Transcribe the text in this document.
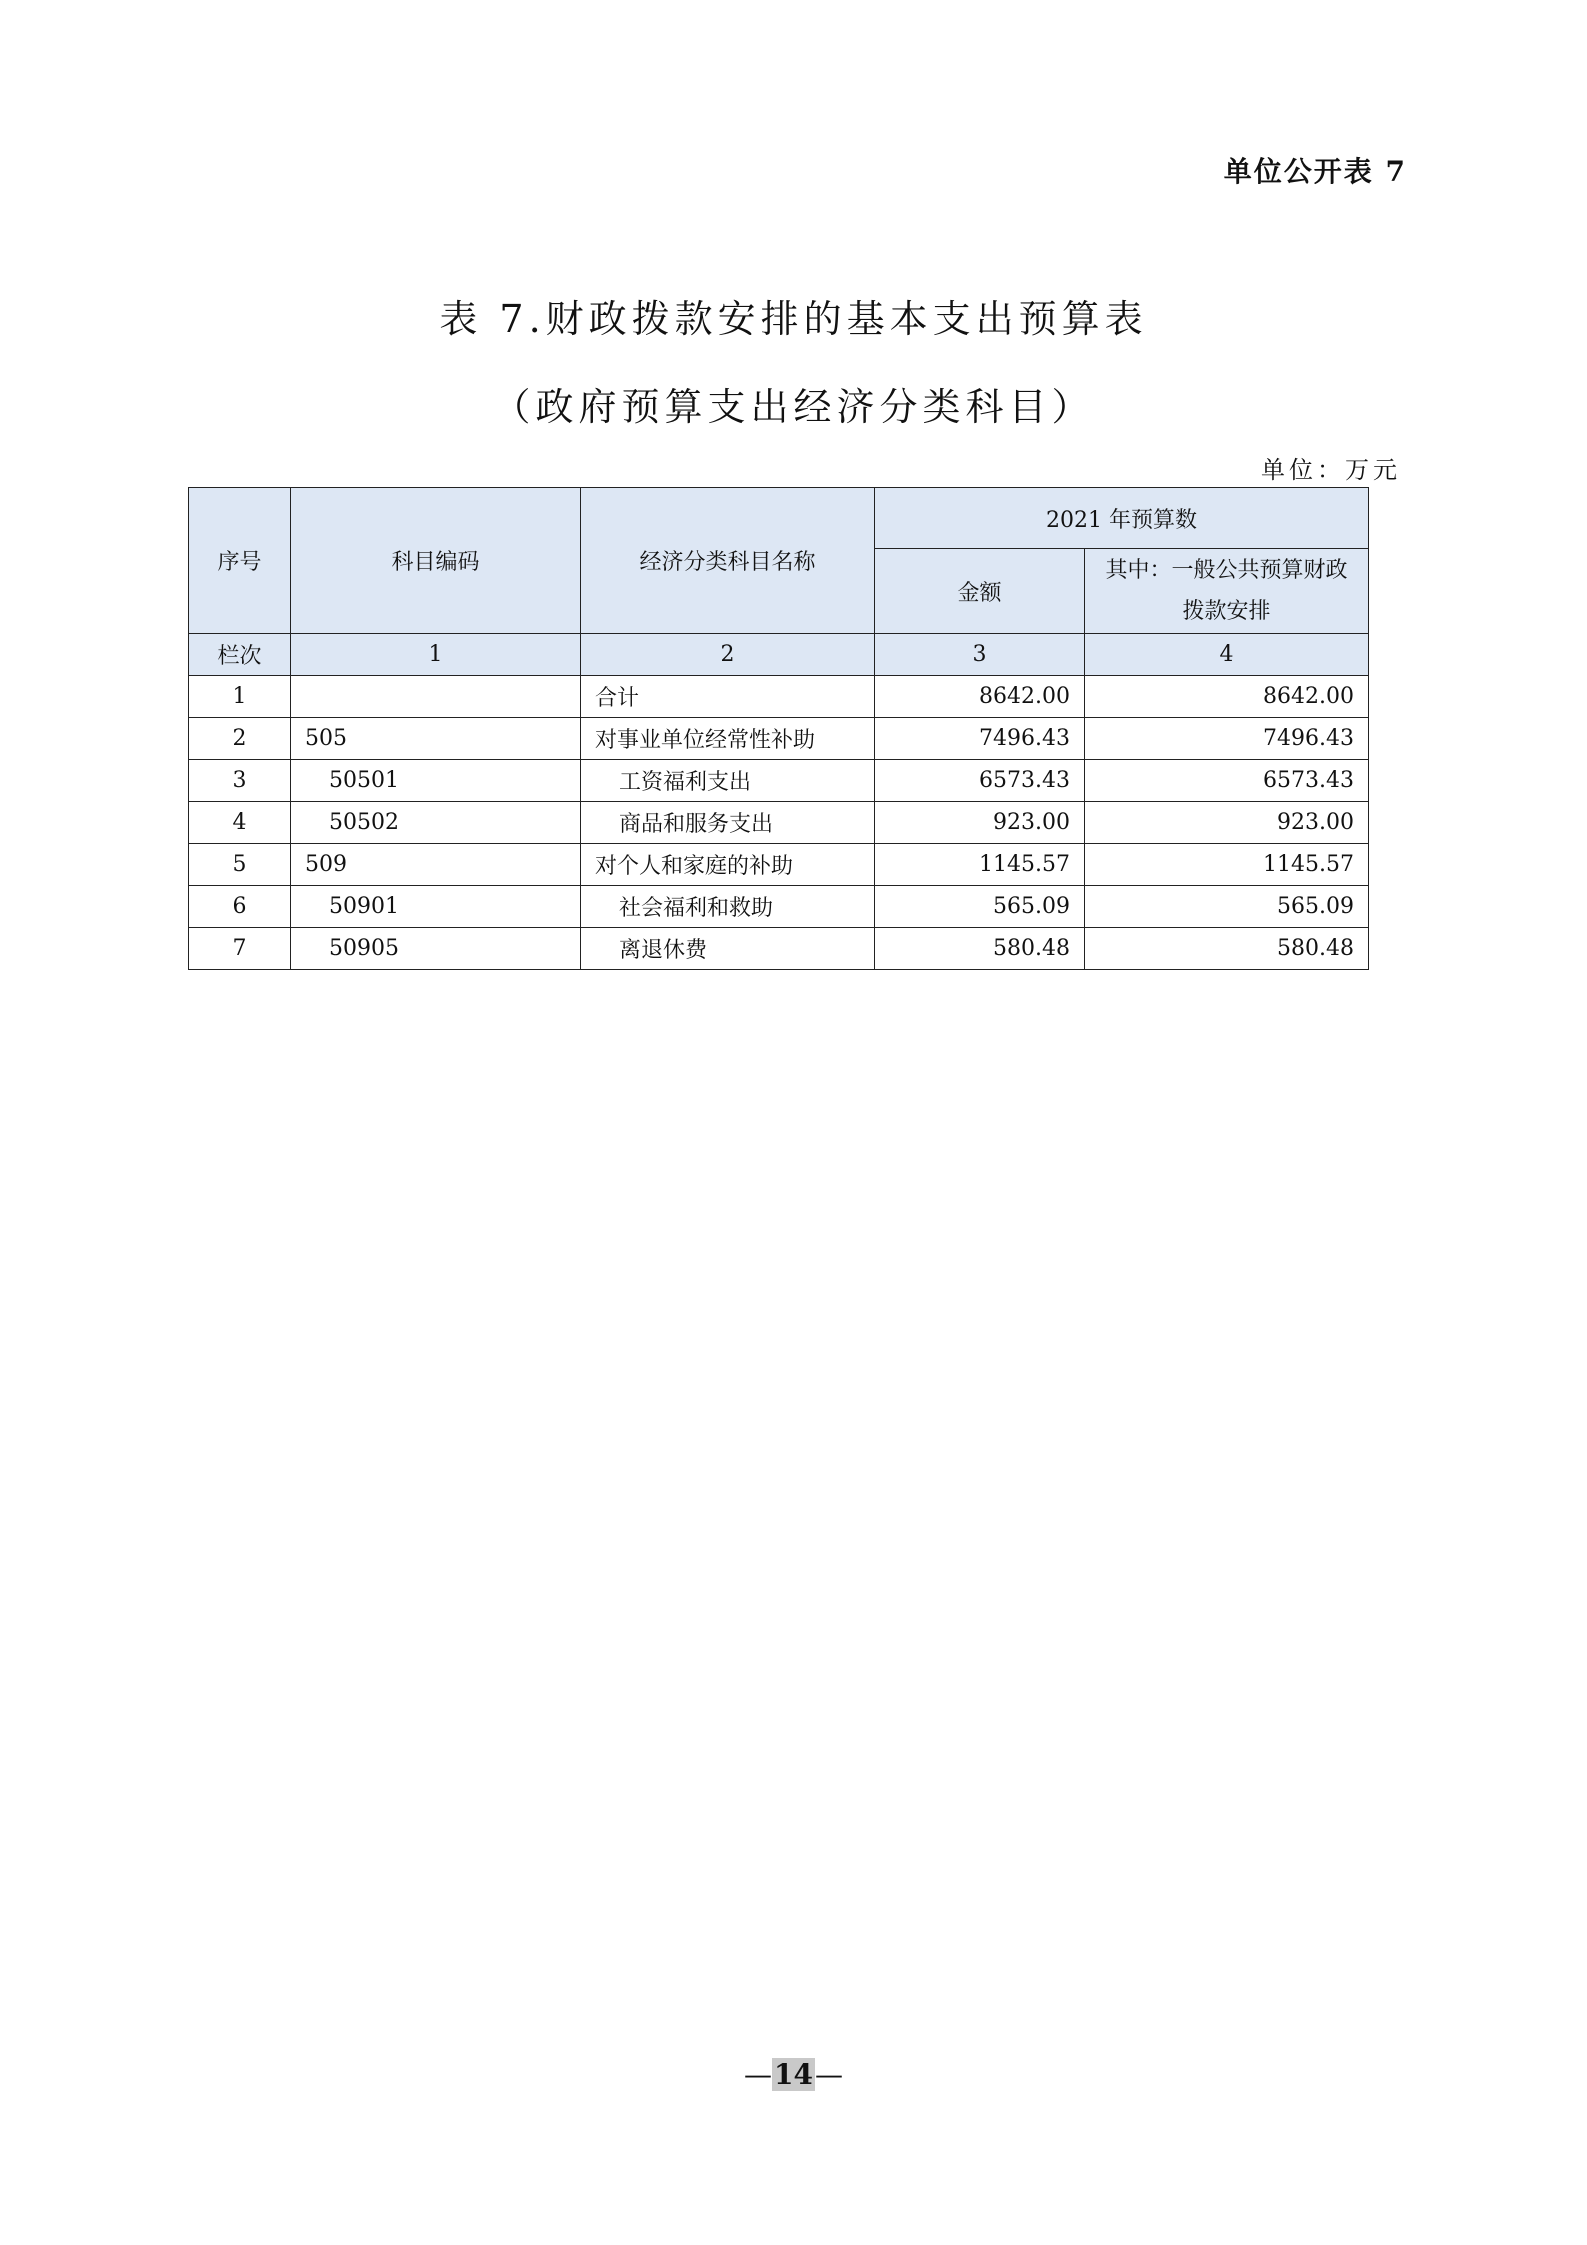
单位公开表 7
表 7.财政拨款安排的基本支出预算表
（政府预算支出经济分类科目）
单位：万元
序号	科目编码	经济分类科目名称	2021 年预算数	
			金额	其中：一般公共预算财政拨款安排
栏次	1	2	3	4
1		合计	8642.00	8642.00
2	505	对事业单位经常性补助	7496.43	7496.43
3	50501	工资福利支出	6573.43	6573.43
4	50502	商品和服务支出	923.00	923.00
5	509	对个人和家庭的补助	1145.57	1145.57
6	50901	社会福利和救助	565.09	565.09
7	50905	离退休费	580.48	580.48
—14—
